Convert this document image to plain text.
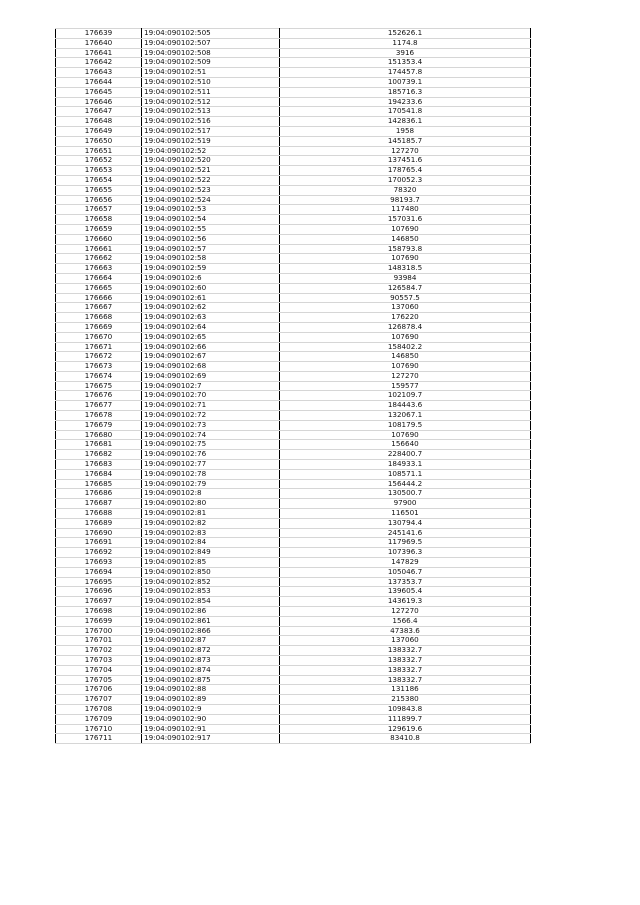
176639	19:04:090102:505	152626.1
176640	19:04:090102:507	1174.8
176641	19:04:090102:508	3916
176642	19:04:090102:509	151353.4
176643	19:04:090102:51	174457.8
176644	19:04:090102:510	100739.1
176645	19:04:090102:511	185716.3
176646	19:04:090102:512	194233.6
176647	19:04:090102:513	170541.8
176648	19:04:090102:516	142836.1
176649	19:04:090102:517	1958
176650	19:04:090102:519	145185.7
176651	19:04:090102:52	127270
176652	19:04:090102:520	137451.6
176653	19:04:090102:521	178765.4
176654	19:04:090102:522	170052.3
176655	19:04:090102:523	78320
176656	19:04:090102:524	98193.7
176657	19:04:090102:53	117480
176658	19:04:090102:54	157031.6
176659	19:04:090102:55	107690
176660	19:04:090102:56	146850
176661	19:04:090102:57	158793.8
176662	19:04:090102:58	107690
176663	19:04:090102:59	148318.5
176664	19:04:090102:6	93984
176665	19:04:090102:60	126584.7
176666	19:04:090102:61	90557.5
176667	19:04:090102:62	137060
176668	19:04:090102:63	176220
176669	19:04:090102:64	126878.4
176670	19:04:090102:65	107690
176671	19:04:090102:66	158402.2
176672	19:04:090102:67	146850
176673	19:04:090102:68	107690
176674	19:04:090102:69	127270
176675	19:04:090102:7	159577
176676	19:04:090102:70	102109.7
176677	19:04:090102:71	184443.6
176678	19:04:090102:72	132067.1
176679	19:04:090102:73	108179.5
176680	19:04:090102:74	107690
176681	19:04:090102:75	156640
176682	19:04:090102:76	228400.7
176683	19:04:090102:77	184933.1
176684	19:04:090102:78	108571.1
176685	19:04:090102:79	156444.2
176686	19:04:090102:8	130500.7
176687	19:04:090102:80	97900
176688	19:04:090102:81	116501
176689	19:04:090102:82	130794.4
176690	19:04:090102:83	245141.6
176691	19:04:090102:84	117969.5
176692	19:04:090102:849	107396.3
176693	19:04:090102:85	147829
176694	19:04:090102:850	105046.7
176695	19:04:090102:852	137353.7
176696	19:04:090102:853	139605.4
176697	19:04:090102:854	143619.3
176698	19:04:090102:86	127270
176699	19:04:090102:861	1566.4
176700	19:04:090102:866	47383.6
176701	19:04:090102:87	137060
176702	19:04:090102:872	138332.7
176703	19:04:090102:873	138332.7
176704	19:04:090102:874	138332.7
176705	19:04:090102:875	138332.7
176706	19:04:090102:88	131186
176707	19:04:090102:89	215380
176708	19:04:090102:9	109843.8
176709	19:04:090102:90	111899.7
176710	19:04:090102:91	129619.6
176711	19:04:090102:917	83410.8
